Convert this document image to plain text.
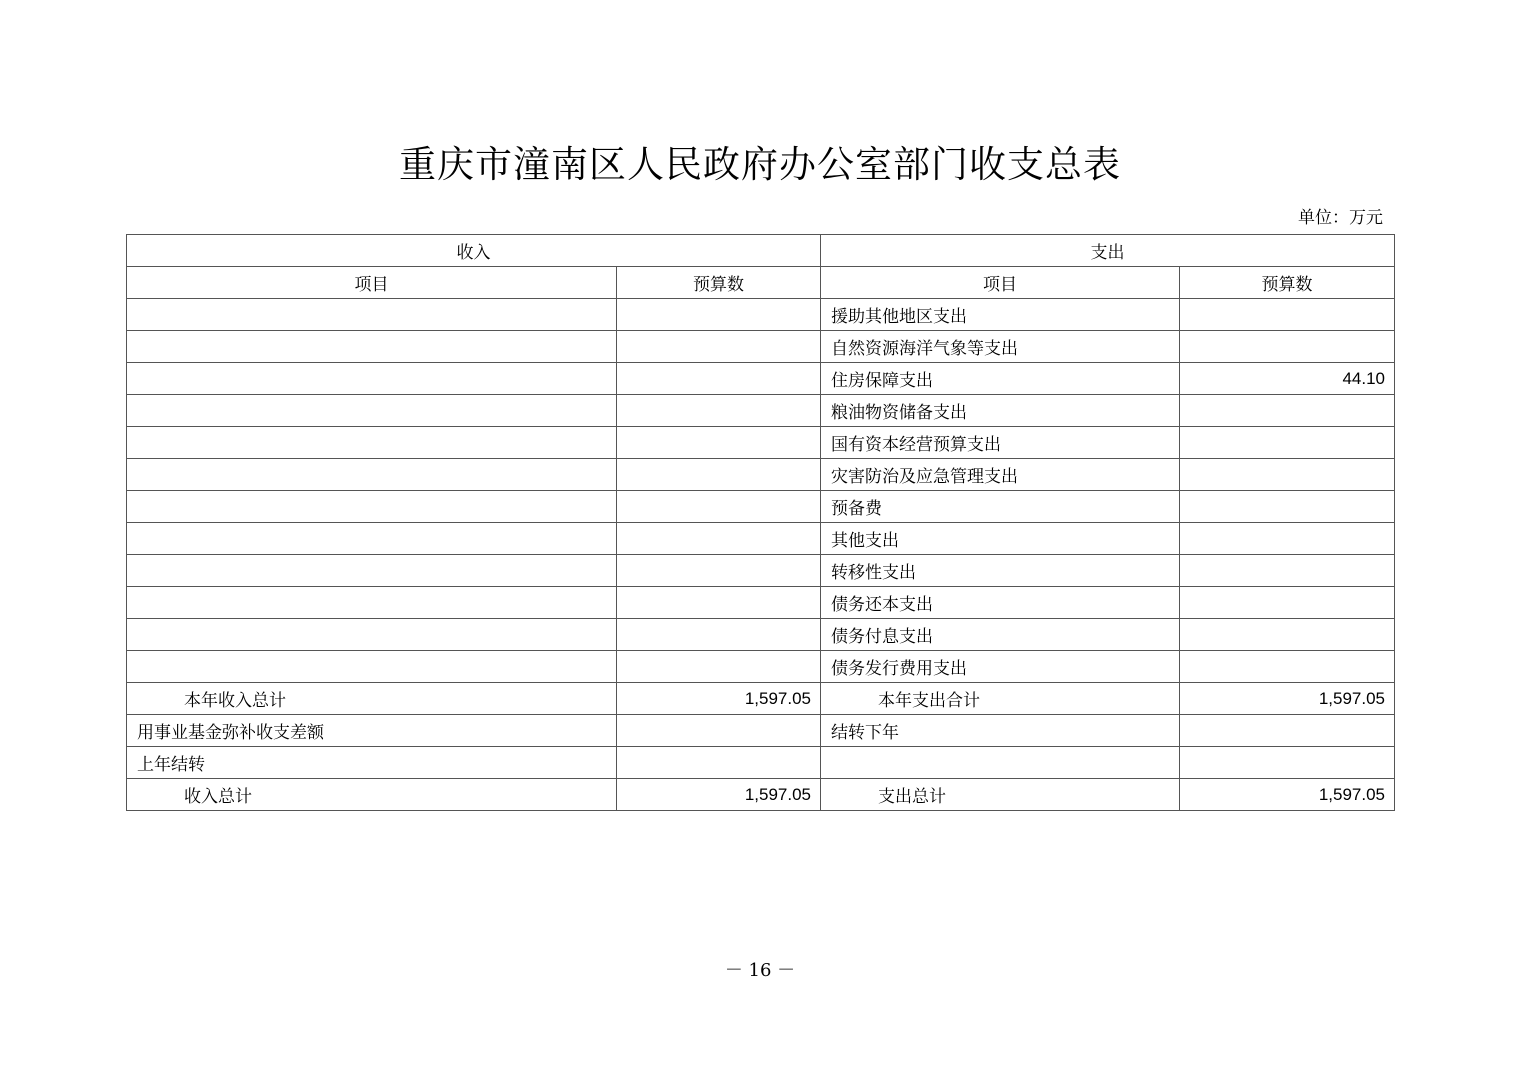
重庆市潼南区人民政府办公室部门收支总表
单位：万元
收入		支出	
项目	预算数	项目	预算数
		援助其他地区支出	
		自然资源海洋气象等支出	
		住房保障支出	44.10
		粮油物资储备支出	
		国有资本经营预算支出	
		灾害防治及应急管理支出	
		预备费	
		其他支出	
		转移性支出	
		债务还本支出	
		债务付息支出	
		债务发行费用支出	
本年收入总计	1,597.05	本年支出合计	1,597.05
用事业基金弥补收支差额		结转下年	
上年结转			
收入总计	1,597.05	支出总计	1,597.05
－ 16 －
